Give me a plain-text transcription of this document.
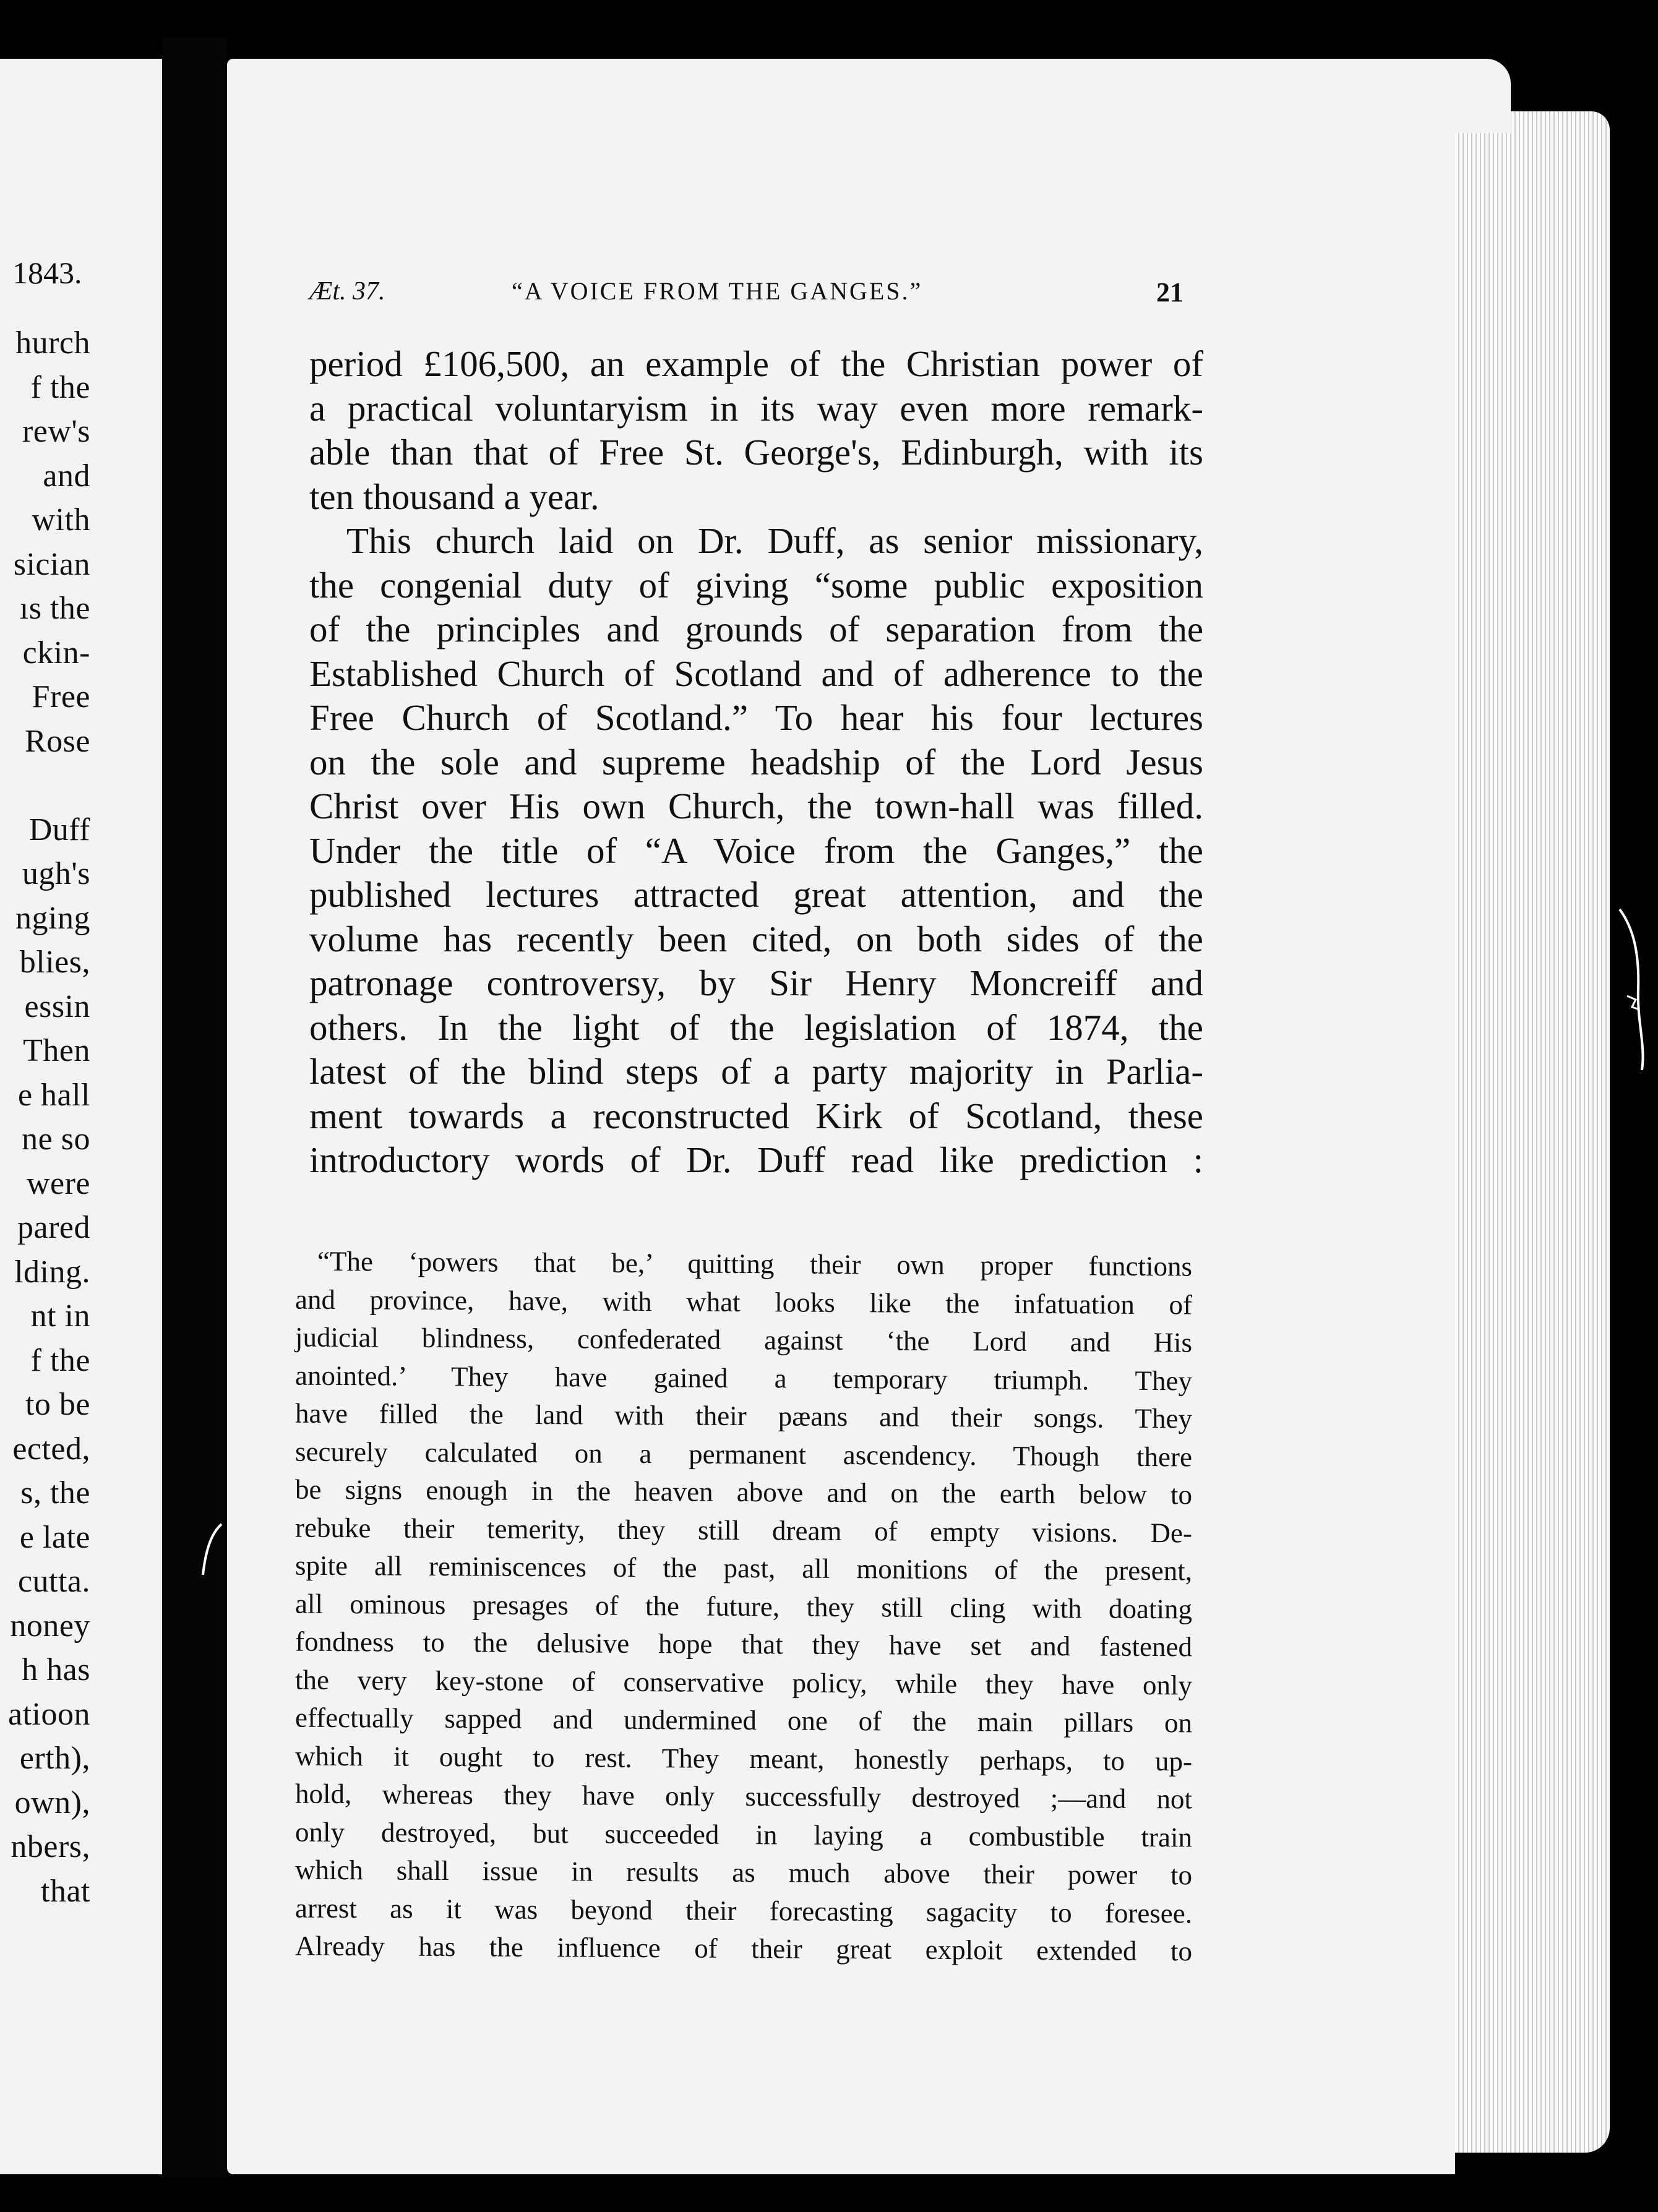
1843.
hurch
f the
rew's
and
with
sician
ıs the
ckin-
Free
Rose
Duff
ugh's
nging
blies,
essin
Then
e hall
ne so
were
pared
lding.
nt in
f the
to be
ected,
s, the
e late
cutta.
noney
h has
atioon
erth),
own),
nbers,
that
Æt. 37.	“A VOICE FROM THE GANGES.”	21
period £106,500, an example of the Christian power of
a practical voluntaryism in its way even more remark-
able than that of Free St. George's, Edinburgh, with its
ten thousand a year.
This church laid on Dr. Duff, as senior missionary,
the congenial duty of giving “some public exposition
of the principles and grounds of separation from the
Established Church of Scotland and of adherence to the
Free Church of Scotland.” To hear his four lectures
on the sole and supreme headship of the Lord Jesus
Christ over His own Church, the town-hall was filled.
Under the title of “A Voice from the Ganges,” the
published lectures attracted great attention, and the
volume has recently been cited, on both sides of the
patronage controversy, by Sir Henry Moncreiff and
others. In the light of the legislation of 1874, the
latest of the blind steps of a party majority in Parlia-
ment towards a reconstructed Kirk of Scotland, these
introductory words of Dr. Duff read like prediction :
“The ‘powers that be,’ quitting their own proper functions
and province, have, with what looks like the infatuation of
judicial blindness, confederated against ‘the Lord and His
anointed.’ They have gained a temporary triumph. They
have filled the land with their pæans and their songs. They
securely calculated on a permanent ascendency. Though there
be signs enough in the heaven above and on the earth below to
rebuke their temerity, they still dream of empty visions. De-
spite all reminiscences of the past, all monitions of the present,
all ominous presages of the future, they still cling with doating
fondness to the delusive hope that they have set and fastened
the very key-stone of conservative policy, while they have only
effectually sapped and undermined one of the main pillars on
which it ought to rest. They meant, honestly perhaps, to up-
hold, whereas they have only successfully destroyed ;—and not
only destroyed, but succeeded in laying a combustible train
which shall issue in results as much above their power to
arrest as it was beyond their forecasting sagacity to foresee.
Already has the influence of their great exploit extended to
